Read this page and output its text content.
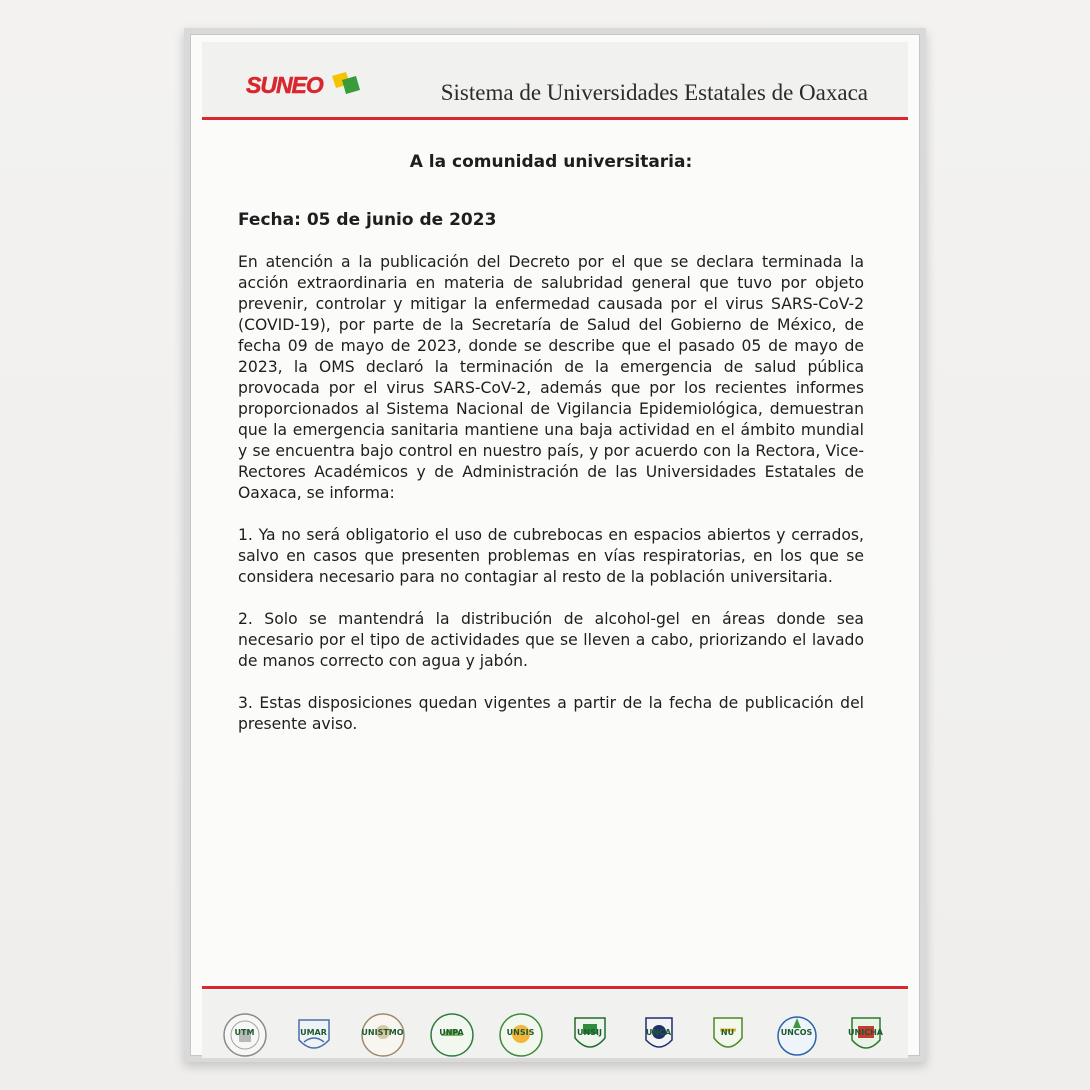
SUNEO	Sistema de Universidades Estatales de Oaxaca
A la comunidad universitaria:
Fecha: 05 de junio de 2023

En atención a la publicación del Decreto por el que se declara terminada la acción extraordinaria en materia de salubridad general que tuvo por objeto prevenir, controlar y mitigar la enfermedad causada por el virus SARS-CoV-2 (COVID-19), por parte de la Secretaría de Salud del Gobierno de México, de fecha 09 de mayo de 2023, donde se describe que el pasado 05 de mayo de 2023, la OMS declaró la terminación de la emergencia de salud pública provocada por el virus SARS-CoV-2, además que por los recientes informes proporcionados al Sistema Nacional de Vigilancia Epidemiológica, demuestran que la emergencia sanitaria mantiene una baja actividad en el ámbito mundial y se encuentra bajo control en nuestro país, y por acuerdo con la Rectora, Vice-Rectores Académicos y de Administración de las Universidades Estatales de Oaxaca, se informa:

1. Ya no será obligatorio el uso de cubrebocas en espacios abiertos y cerrados, salvo en casos que presenten problemas en vías respiratorias, en los que se considera necesario para no contagiar al resto de la población universitaria.

2. Solo se mantendrá la distribución de alcohol-gel en áreas donde sea necesario por el tipo de actividades que se lleven a cabo, priorizando el lavado de manos correcto con agua y jabón.

3. Estas disposiciones quedan vigentes a partir de la fecha de publicación del presente aviso.

UTM	UMAR	UNISTMO	UNPA	UNSIS	UNSIJ	UNCA	NU	UNCOS	UNICHA
